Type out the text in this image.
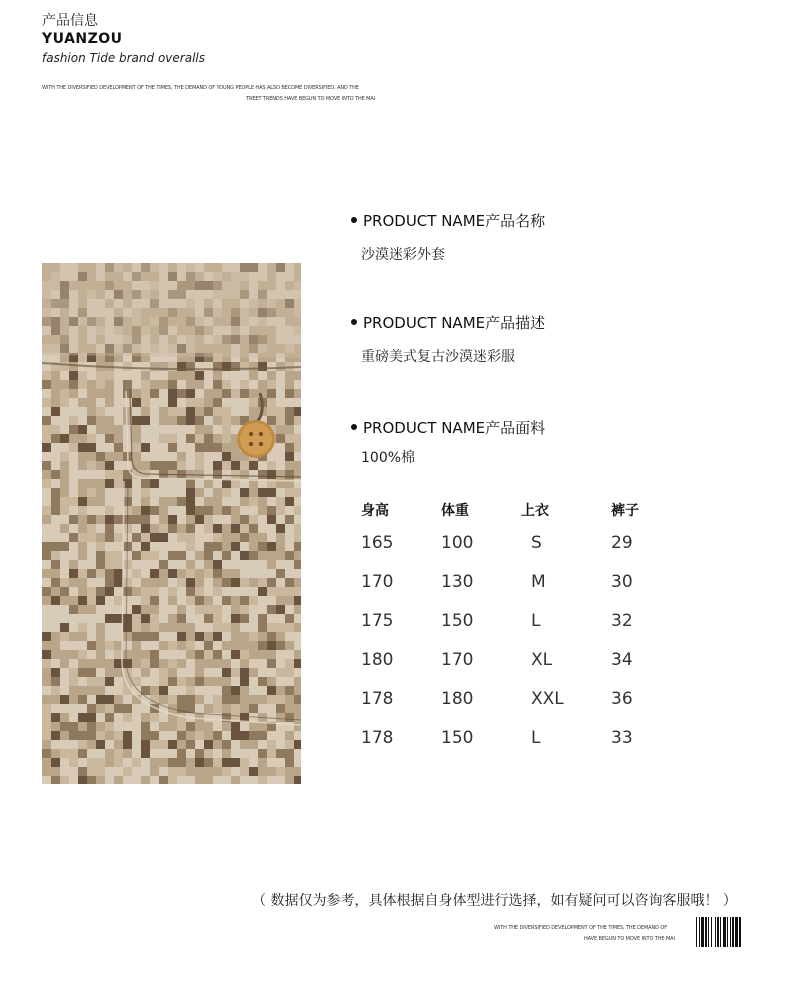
产品信息
YUANZOU
fashion Tide brand overalls
WITH THE DIVERSIFIED DEVELOPMENT OF THE TIMES, THE DEMAND OF YOUNG PEOPLE HAS ALSO BECOME DIVERSIFIED, AND THE
TREET TRENDS HAVE BEGUN TO MOVE INTO THE MAI
PRODUCT NAME产品名称
沙漠迷彩外套
PRODUCT NAME产品描述
重磅美式复古沙漠迷彩服
PRODUCT NAME产品面料
100%棉
身高	体重	上衣	裤子
165	100	S	29
170	130	M	30
175	150	L	32
180	170	XL	34
178	180	XXL	36
178	150	L	33
（ 数据仅为参考，具体根据自身体型进行选择，如有疑问可以咨询客服哦！ ）
WITH THE DIVERSIFIED DEVELOPMENT OF THE TIMES, THE DEMAND OF
HAVE BEGUN TO MOVE INTO THE MAI
